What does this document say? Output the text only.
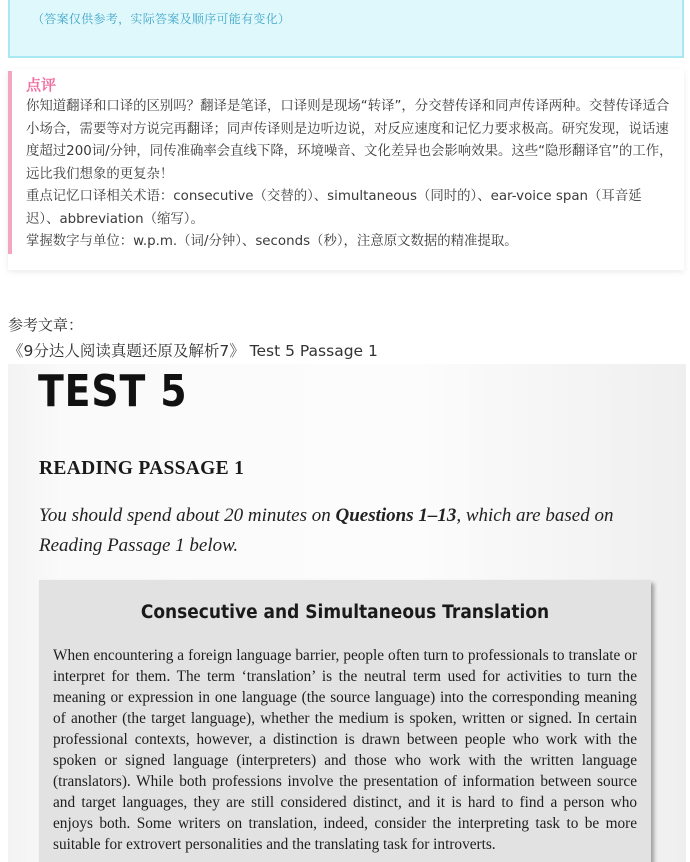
（答案仅供参考，实际答案及顺序可能有变化）
点评

你知道翻译和口译的区别吗？翻译是笔译，口译则是现场“转译”，分交替传译和同声传译两种。交替传译适合小场合，需要等对方说完再翻译；同声传译则是边听边说，对反应速度和记忆力要求极高。研究发现，说话速度超过200词/分钟，同传准确率会直线下降，环境噪音、文化差异也会影响效果。这些“隐形翻译官”的工作，远比我们想象的更复杂！

重点记忆口译相关术语：consecutive（交替的）、simultaneous（同时的）、ear-voice span（耳音延迟）、abbreviation（缩写）。

掌握数字与单位：w.p.m.（词/分钟）、seconds（秒），注意原文数据的精准提取。

参考文章：
《9分达人阅读真题还原及解析7》 Test 5 Passage 1
TEST 5
READING PASSAGE 1
You should spend about 20 minutes on Questions 1–13, which are based on Reading Passage 1 below.
Consecutive and Simultaneous Translation
When encountering a foreign language barrier, people often turn to professionals to translate or interpret for them. The term ‘translation’ is the neutral term used for activities to turn the meaning or expression in one language (the source language) into the corresponding meaning of another (the target language), whether the medium is spoken, written or signed. In certain professional contexts, however, a distinction is drawn between people who work with the spoken or signed language (interpreters) and those who work with the written language (translators). While both professions involve the presentation of information between source and target languages, they are still considered distinct, and it is hard to find a person who enjoys both. Some writers on translation, indeed, consider the interpreting task to be more suitable for extrovert personalities and the translating task for introverts.
